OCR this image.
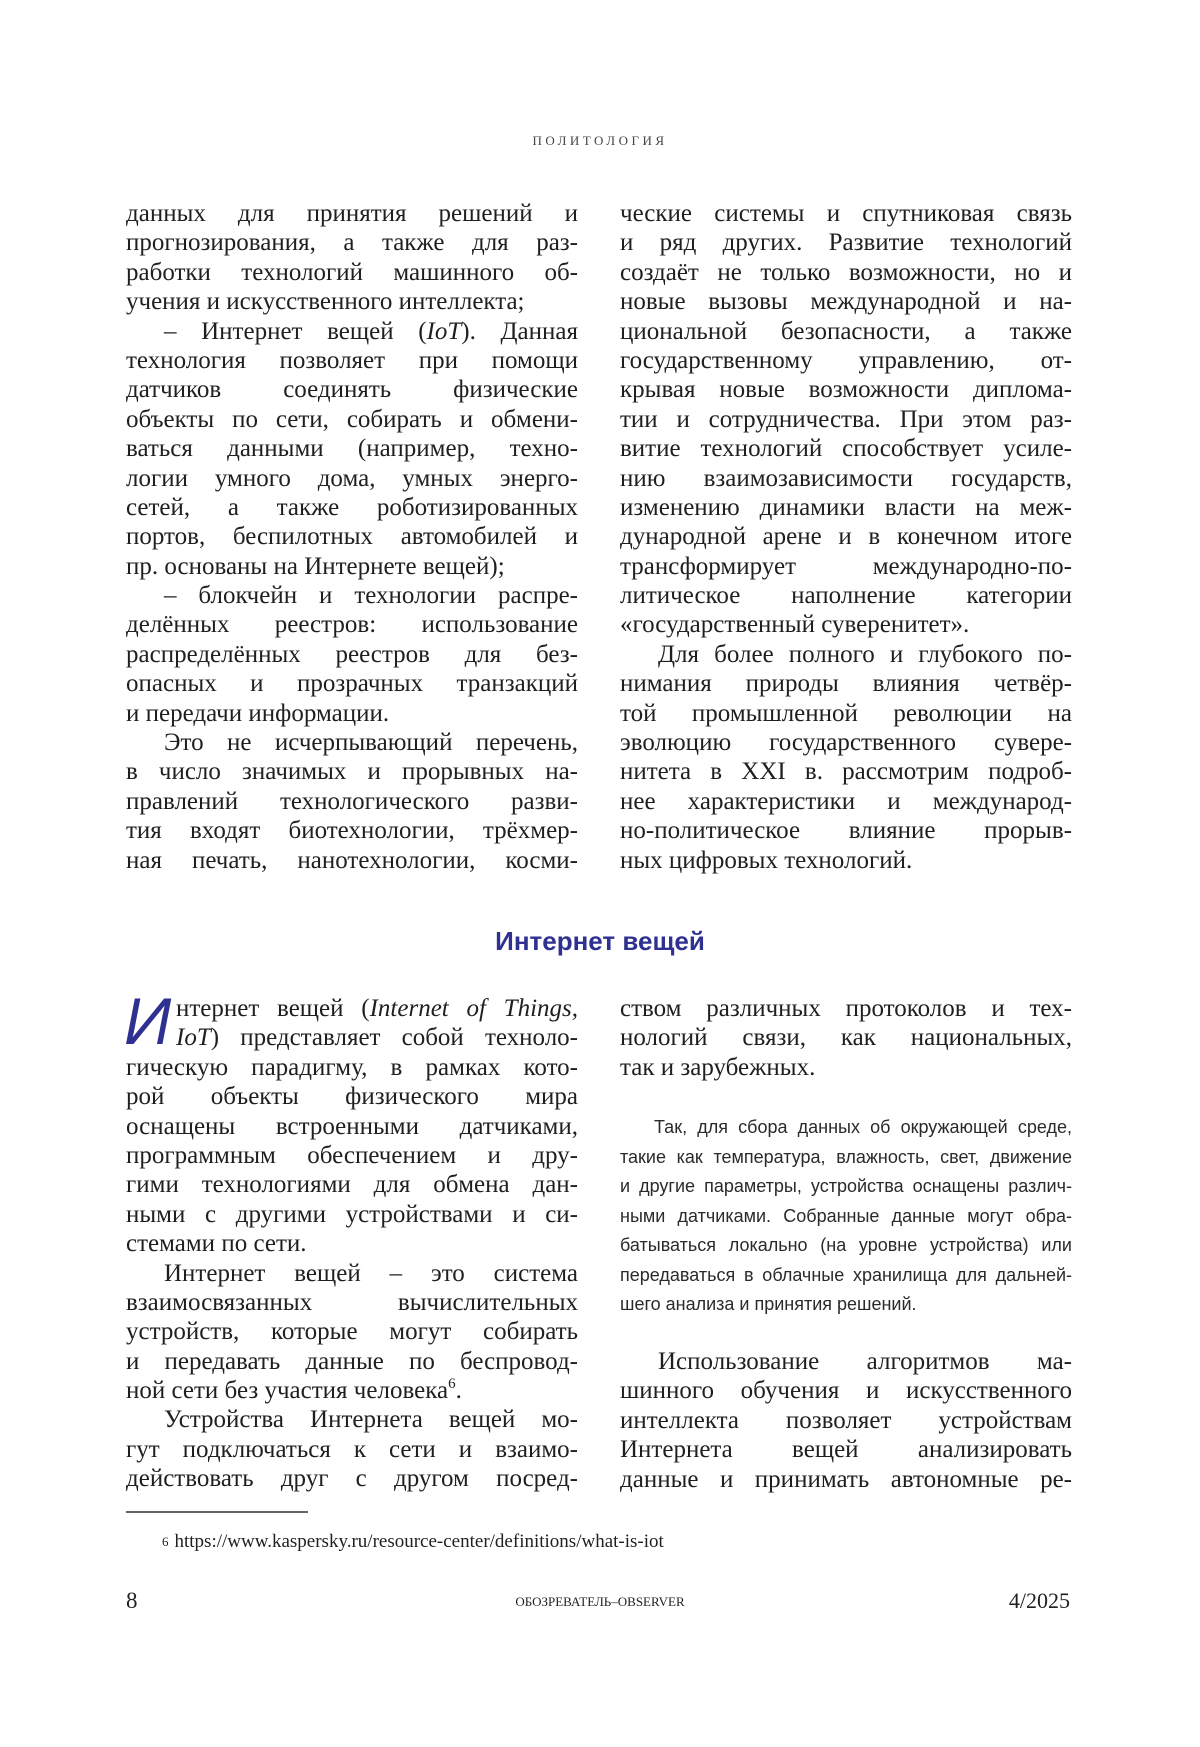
ПОЛИТОЛОГИЯ
данных для принятия решений и
прогнозирования, а также для раз-
работки технологий машинного об-
учения и искусственного интеллекта;
– Интернет вещей (IoT). Данная
технология позволяет при помощи
датчиков соединять физические
объекты по сети, собирать и обмени-
ваться данными (например, техно-
логии умного дома, умных энерго-
сетей, а также роботизированных
портов, беспилотных автомобилей и
пр. основаны на Интернете вещей);
– блокчейн и технологии распре-
делённых реестров: использование
распределённых реестров для без-
опасных и прозрачных транзакций
и передачи информации.
Это не исчерпывающий перечень,
в число значимых и прорывных на-
правлений технологического разви-
тия входят биотехнологии, трёхмер-
ная печать, нанотехнологии, косми-
ческие системы и спутниковая связь
и ряд других. Развитие технологий
создаёт не только возможности, но и
новые вызовы международной и на-
циональной безопасности, а также
государственному управлению, от-
крывая новые возможности диплома-
тии и сотрудничества. При этом раз-
витие технологий способствует усиле-
нию взаимозависимости государств,
изменению динамики власти на меж-
дународной арене и в конечном итоге
трансформирует международно-по-
литическое наполнение категории
«государственный суверенитет».
Для более полного и глубокого по-
нимания природы влияния четвёр-
той промышленной революции на
эволюцию государственного сувере-
нитета в XXI в. рассмотрим подроб-
нее характеристики и международ-
но-политическое влияние прорыв-
ных цифровых технологий.
Интернет вещей
И нтернет вещей (Internet of Things,
IoT) представляет собой техноло-
гическую парадигму, в рамках кото-
рой объекты физического мира
оснащены встроенными датчиками,
программным обеспечением и дру-
гими технологиями для обмена дан-
ными с другими устройствами и си-
стемами по сети.
Интернет вещей – это система
взаимосвязанных вычислительных
устройств, которые могут собирать
и передавать данные по беспровод-
ной сети без участия человека6.
Устройства Интернета вещей мо-
гут подключаться к сети и взаимо-
действовать друг с другом посред-
ством различных протоколов и тех-
нологий связи, как национальных,
так и зарубежных.
Так, для сбора данных об окружающей среде,
такие как температура, влажность, свет, движение
и другие параметры, устройства оснащены различ-
ными датчиками. Собранные данные могут обра-
батываться локально (на уровне устройства) или
передаваться в облачные хранилища для дальней-
шего анализа и принятия решений.
Использование алгоритмов ма-
шинного обучения и искусственного
интеллекта позволяет устройствам
Интернета вещей анализировать
данные и принимать автономные ре-
6 https://www.kaspersky.ru/resource-center/definitions/what-is-iot
8	ОБОЗРЕВАТЕЛЬ–OBSERVER	4/2025
